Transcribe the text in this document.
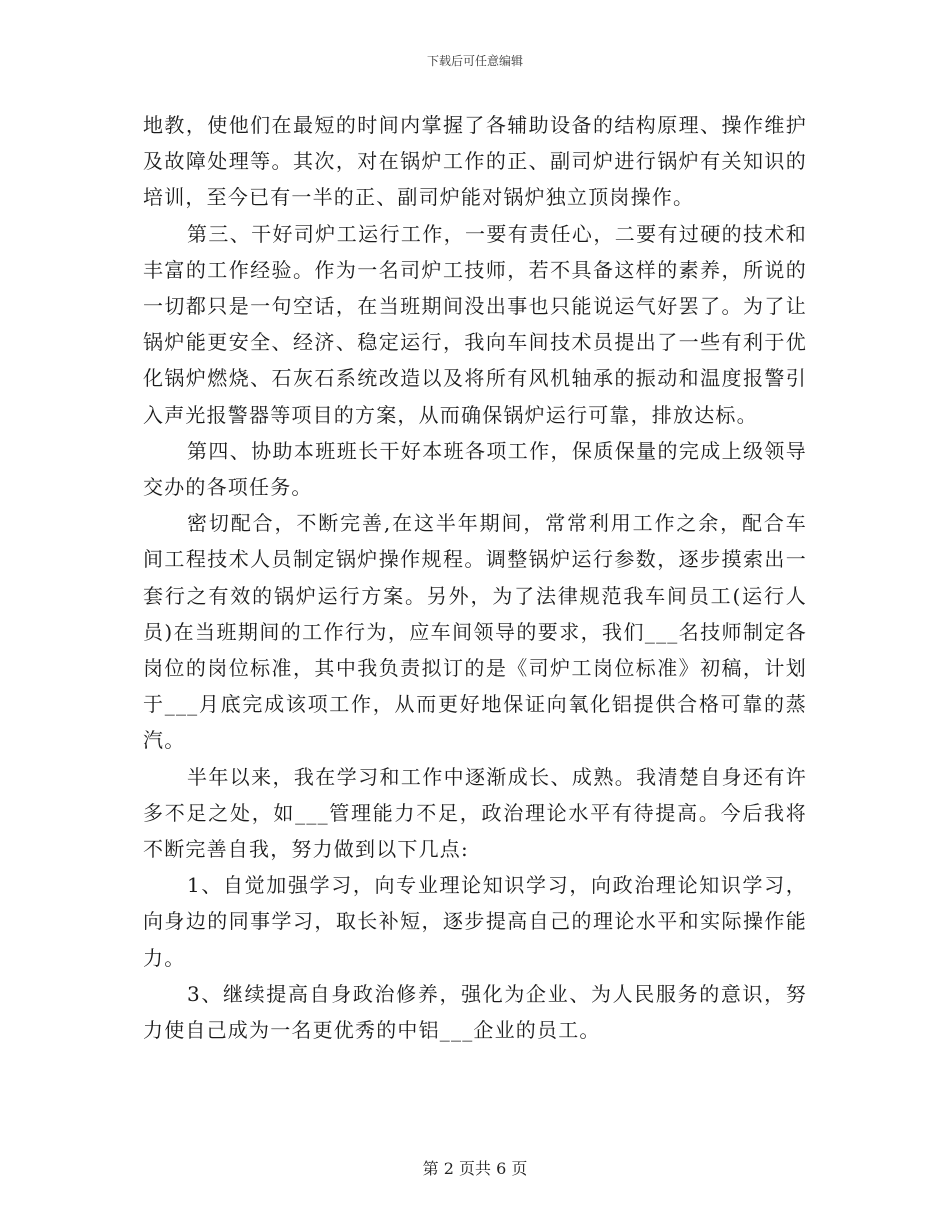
下载后可任意编辑

地教，使他们在最短的时间内掌握了各辅助设备的结构原理、操作维护及故障处理等。其次，对在锅炉工作的正、副司炉进行锅炉有关知识的培训，至今已有一半的正、副司炉能对锅炉独立顶岗操作。

第三、干好司炉工运行工作，一要有责任心，二要有过硬的技术和丰富的工作经验。作为一名司炉工技师，若不具备这样的素养，所说的一切都只是一句空话，在当班期间没出事也只能说运气好罢了。为了让锅炉能更安全、经济、稳定运行，我向车间技术员提出了一些有利于优化锅炉燃烧、石灰石系统改造以及将所有风机轴承的振动和温度报警引入声光报警器等项目的方案，从而确保锅炉运行可靠，排放达标。

第四、协助本班班长干好本班各项工作，保质保量的完成上级领导交办的各项任务。

密切配合，不断完善,在这半年期间，常常利用工作之余，配合车间工程技术人员制定锅炉操作规程。调整锅炉运行参数，逐步摸索出一套行之有效的锅炉运行方案。另外，为了法律规范我车间员工(运行人员)在当班期间的工作行为，应车间领导的要求，我们___名技师制定各岗位的岗位标准，其中我负责拟订的是《司炉工岗位标准》初稿，计划于___月底完成该项工作，从而更好地保证向氧化铝提供合格可靠的蒸汽。

半年以来，我在学习和工作中逐渐成长、成熟。我清楚自身还有许多不足之处，如___管理能力不足，政治理论水平有待提高。今后我将不断完善自我，努力做到以下几点:

1、自觉加强学习，向专业理论知识学习，向政治理论知识学习，向身边的同事学习，取长补短，逐步提高自己的理论水平和实际操作能力。

3、继续提高自身政治修养，强化为企业、为人民服务的意识，努力使自己成为一名更优秀的中铝___企业的员工。

第 2 页共 6 页
